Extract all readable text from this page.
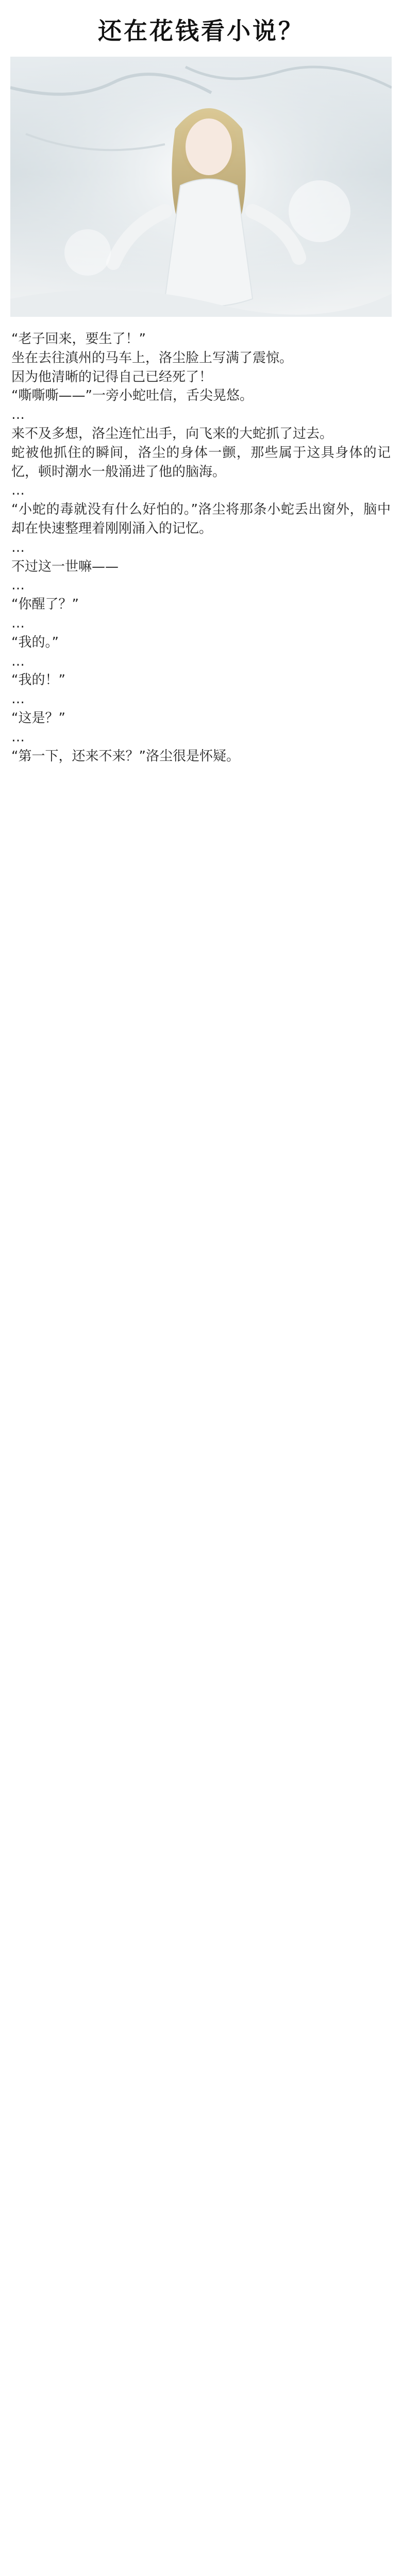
还在花钱看小说？

“老子回来，要生了！”

坐在去往滇州的马车上，洛尘脸上写满了震惊。

因为他清晰的记得自己已经死了！

“嘶嘶嘶——”一旁小蛇吐信，舌尖晃悠。

…

来不及多想，洛尘连忙出手，向飞来的大蛇抓了过去。

蛇被他抓住的瞬间，洛尘的身体一颤，那些属于这具身体的记忆，顿时潮水一般涌进了他的脑海。

…

“小蛇的毒就没有什么好怕的。”洛尘将那条小蛇丢出窗外，脑中却在快速整理着刚刚涌入的记忆。

…

不过这一世嘛——

…

“你醒了？”

…

“我的。”

…

“我的！”

…

“这是？”

…

“第一下，还来不来？”洛尘很是怀疑。
